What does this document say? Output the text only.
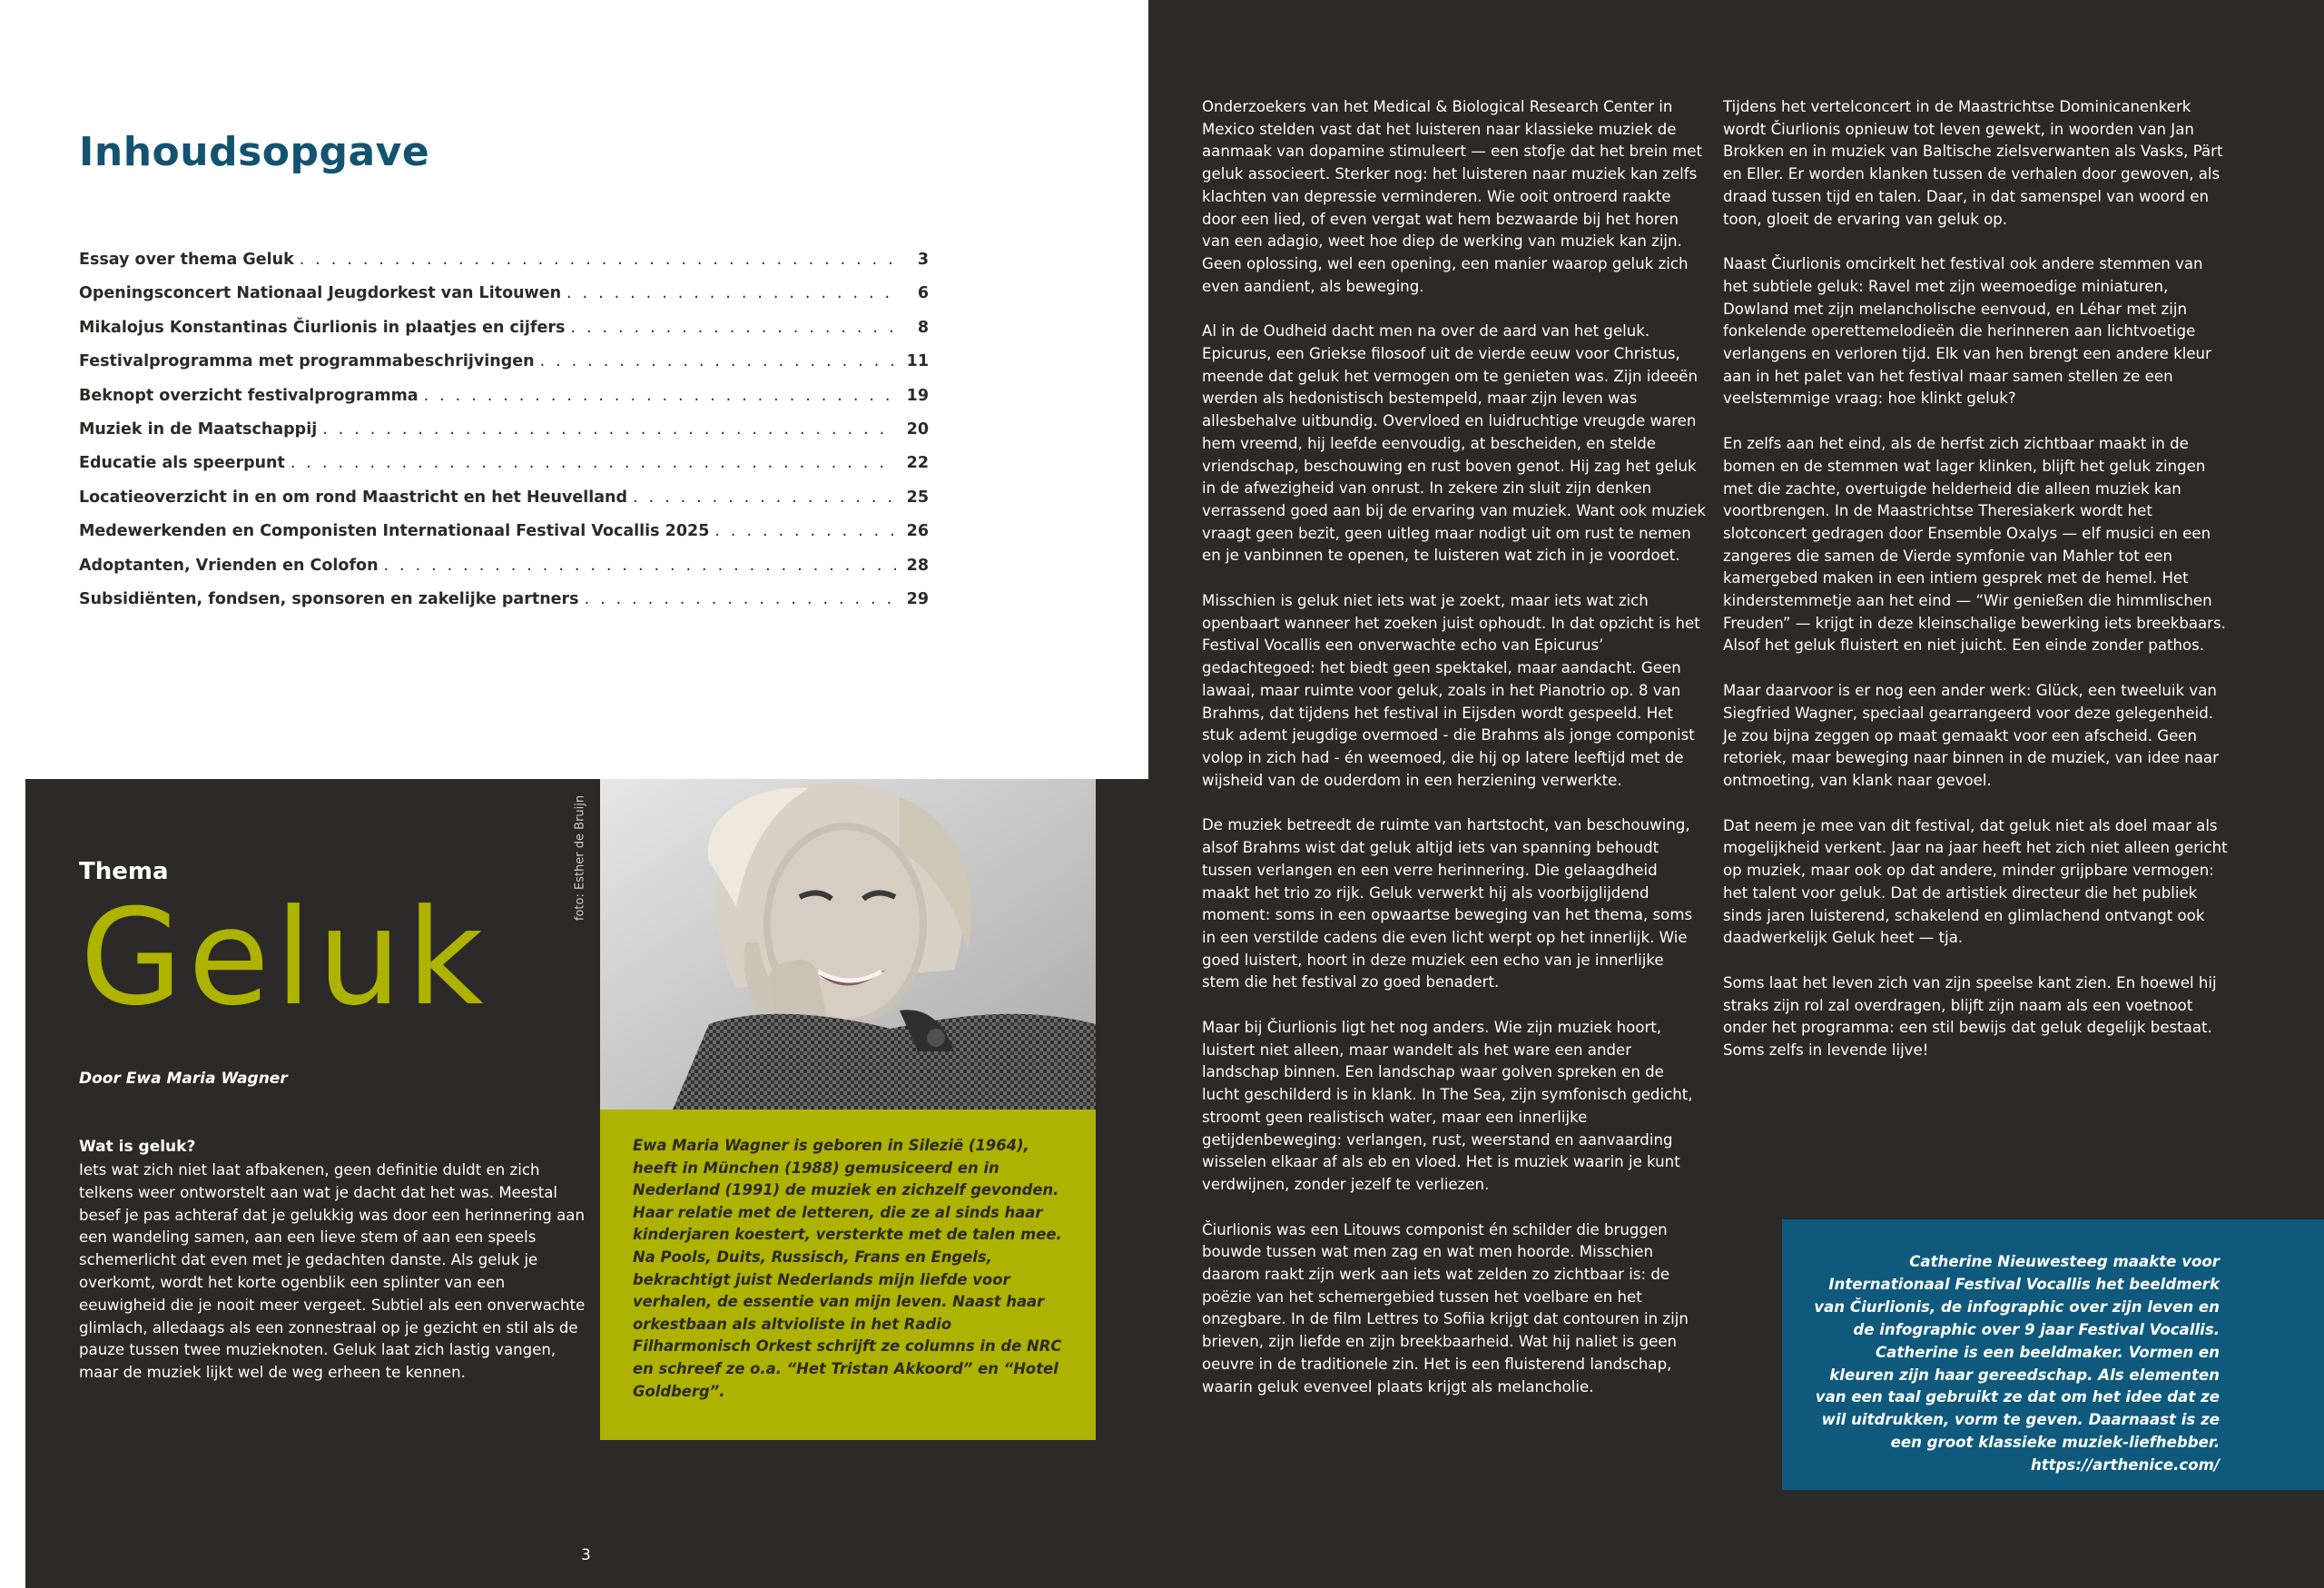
Inhoudsopgave
Essay over thema Geluk . . .	3
Openingsconcert Nationaal Jeugdorkest van Litouwen . . .	6
Mikalojus Konstantinas Čiurlionis in plaatjes en cijfers . . .	8
Festivalprogramma met programmabeschrijvingen . . .	11
Beknopt overzicht festivalprogramma . . .	19
Muziek in de Maatschappij . . .	20
Educatie als speerpunt . . .	22
Locatieoverzicht in en om rond Maastricht en het Heuvelland . . .	25
Medewerkenden en Componisten Internationaal Festival Vocallis 2025 . . .	26
Adoptanten, Vrienden en Colofon . . .	28
Subsidiënten, fondsen, sponsoren en zakelijke partners . . .	29
Thema
Geluk

Door Ewa Maria Wagner

Wat is geluk?

Iets wat zich niet laat afbakenen, geen definitie duldt en zich telkens weer ontworstelt aan wat je dacht dat het was. Meestal besef je pas achteraf dat je gelukkig was door een herinnering aan een wandeling samen, aan een lieve stem of aan een speels schemerlicht dat even met je gedachten danste. Als geluk je overkomt, wordt het korte ogenblik een splinter van een eeuwigheid die je nooit meer vergeet. Subtiel als een onverwachte glimlach, alledaags als een zonnestraal op je gezicht en stil als de pauze tussen twee muzieknoten. Geluk laat zich lastig vangen, maar de muziek lijkt wel de weg erheen te kennen.

foto: Esther de Bruijn

Ewa Maria Wagner is geboren in Silezië (1964), heeft in München (1988) gemusiceerd en in Nederland (1991) de muziek en zichzelf gevonden. Haar relatie met de letteren, die ze al sinds haar kinderjaren koestert, versterkte met de talen mee. Na Pools, Duits, Russisch, Frans en Engels, bekrachtigt juist Nederlands mijn liefde voor verhalen, de essentie van mijn leven. Naast haar orkestbaan als altvioliste in het Radio Filharmonisch Orkest schrijft ze columns in de NRC en schreef ze o.a. “Het Tristan Akkoord” en “Hotel Goldberg”.

3

Onderzoekers van het Medical & Biological Research Center in Mexico stelden vast dat het luisteren naar klassieke muziek de aanmaak van dopamine stimuleert — een stofje dat het brein met geluk associeert. Sterker nog: het luisteren naar muziek kan zelfs klachten van depressie verminderen. Wie ooit ontroerd raakte door een lied, of even vergat wat hem bezwaarde bij het horen van een adagio, weet hoe diep de werking van muziek kan zijn. Geen oplossing, wel een opening, een manier waarop geluk zich even aandient, als beweging.

Al in de Oudheid dacht men na over de aard van het geluk. Epicurus, een Griekse filosoof uit de vierde eeuw voor Christus, meende dat geluk het vermogen om te genieten was. Zijn ideeën werden als hedonistisch bestempeld, maar zijn leven was allesbehalve uitbundig. Overvloed en luidruchtige vreugde waren hem vreemd, hij leefde eenvoudig, at bescheiden, en stelde vriendschap, beschouwing en rust boven genot. Hij zag het geluk in de afwezigheid van onrust. In zekere zin sluit zijn denken verrassend goed aan bij de ervaring van muziek. Want ook muziek vraagt geen bezit, geen uitleg maar nodigt uit om rust te nemen en je vanbinnen te openen, te luisteren wat zich in je voordoet.

Misschien is geluk niet iets wat je zoekt, maar iets wat zich openbaart wanneer het zoeken juist ophoudt. In dat opzicht is het Festival Vocallis een onverwachte echo van Epicurus’ gedachtegoed: het biedt geen spektakel, maar aandacht. Geen lawaai, maar ruimte voor geluk, zoals in het Pianotrio op. 8 van Brahms, dat tijdens het festival in Eijsden wordt gespeeld. Het stuk ademt jeugdige overmoed - die Brahms als jonge componist volop in zich had - én weemoed, die hij op latere leeftijd met de wijsheid van de ouderdom in een herziening verwerkte.

De muziek betreedt de ruimte van hartstocht, van beschouwing, alsof Brahms wist dat geluk altijd iets van spanning behoudt tussen verlangen en een verre herinnering. Die gelaagdheid maakt het trio zo rijk. Geluk verwerkt hij als voorbijglijdend moment: soms in een opwaartse beweging van het thema, soms in een verstilde cadens die even licht werpt op het innerlijk. Wie goed luistert, hoort in deze muziek een echo van je innerlijke stem die het festival zo goed benadert.

Maar bij Čiurlionis ligt het nog anders. Wie zijn muziek hoort, luistert niet alleen, maar wandelt als het ware een ander landschap binnen. Een landschap waar golven spreken en de lucht geschilderd is in klank. In The Sea, zijn symfonisch gedicht, stroomt geen realistisch water, maar een innerlijke getijdenbeweging: verlangen, rust, weerstand en aanvaarding wisselen elkaar af als eb en vloed. Het is muziek waarin je kunt verdwijnen, zonder jezelf te verliezen.

Čiurlionis was een Litouws componist én schilder die bruggen bouwde tussen wat men zag en wat men hoorde. Misschien daarom raakt zijn werk aan iets wat zelden zo zichtbaar is: de poëzie van het schemergebied tussen het voelbare en het onzegbare. In de film Lettres to Sofiia krijgt dat contouren in zijn brieven, zijn liefde en zijn breekbaarheid. Wat hij naliet is geen oeuvre in de traditionele zin. Het is een fluisterend landschap, waarin geluk evenveel plaats krijgt als melancholie.

Tijdens het vertelconcert in de Maastrichtse Dominicanenkerk wordt Čiurlionis opnieuw tot leven gewekt, in woorden van Jan Brokken en in muziek van Baltische zielsverwanten als Vasks, Pärt en Eller. Er worden klanken tussen de verhalen door gewoven, als draad tussen tijd en talen. Daar, in dat samenspel van woord en toon, gloeit de ervaring van geluk op.

Naast Čiurlionis omcirkelt het festival ook andere stemmen van het subtiele geluk: Ravel met zijn weemoedige miniaturen, Dowland met zijn melancholische eenvoud, en Léhar met zijn fonkelende operettemelodieën die herinneren aan lichtvoetige verlangens en verloren tijd. Elk van hen brengt een andere kleur aan in het palet van het festival maar samen stellen ze een veelstemmige vraag: hoe klinkt geluk?

En zelfs aan het eind, als de herfst zich zichtbaar maakt in de bomen en de stemmen wat lager klinken, blijft het geluk zingen met die zachte, overtuigde helderheid die alleen muziek kan voortbrengen. In de Maastrichtse Theresiakerk wordt het slotconcert gedragen door Ensemble Oxalys — elf musici en een zangeres die samen de Vierde symfonie van Mahler tot een kamergebed maken in een intiem gesprek met de hemel. Het kinderstemmetje aan het eind — “Wir genießen die himmlischen Freuden” — krijgt in deze kleinschalige bewerking iets breekbaars. Alsof het geluk fluistert en niet juicht. Een einde zonder pathos.

Maar daarvoor is er nog een ander werk: Glück, een tweeluik van Siegfried Wagner, speciaal gearrangeerd voor deze gelegenheid. Je zou bijna zeggen op maat gemaakt voor een afscheid. Geen retoriek, maar beweging naar binnen in de muziek, van idee naar ontmoeting, van klank naar gevoel.

Dat neem je mee van dit festival, dat geluk niet als doel maar als mogelijkheid verkent. Jaar na jaar heeft het zich niet alleen gericht op muziek, maar ook op dat andere, minder grijpbare vermogen: het talent voor geluk. Dat de artistiek directeur die het publiek sinds jaren luisterend, schakelend en glimlachend ontvangt ook daadwerkelijk Geluk heet — tja.

Soms laat het leven zich van zijn speelse kant zien. En hoewel hij straks zijn rol zal overdragen, blijft zijn naam als een voetnoot onder het programma: een stil bewijs dat geluk degelijk bestaat. Soms zelfs in levende lijve!

Catherine Nieuwesteeg maakte voor Internationaal Festival Vocallis het beeldmerk van Čiurlionis, de infographic over zijn leven en de infographic over 9 jaar Festival Vocallis. Catherine is een beeldmaker. Vormen en kleuren zijn haar gereedschap. Als elementen van een taal gebruikt ze dat om het idee dat ze wil uitdrukken, vorm te geven. Daarnaast is ze een groot klassieke muziek-liefhebber. https://arthenice.com/
